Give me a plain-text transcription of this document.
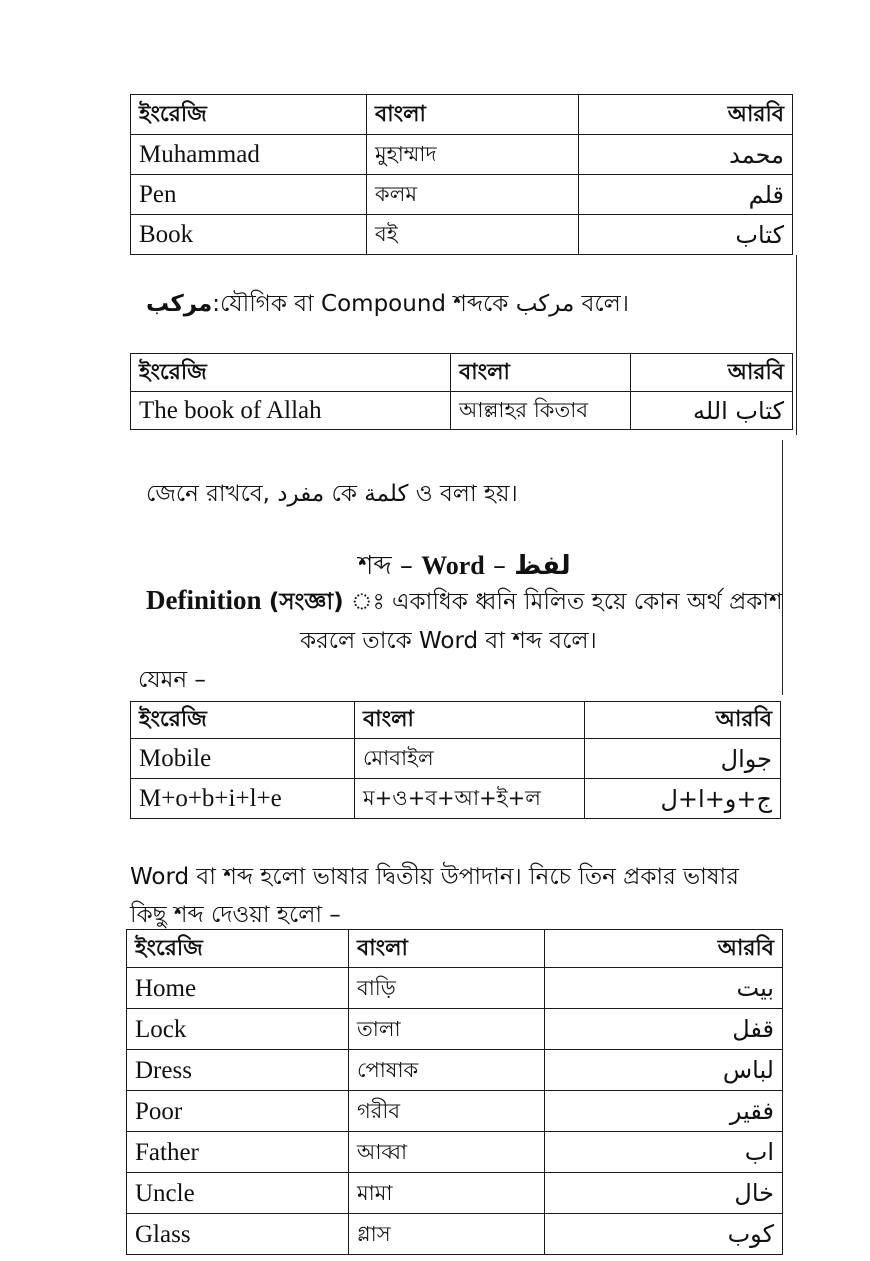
ইংরেজি	বাংলা	আরবি
Muhammad	মুহাম্মাদ	محمد
Pen	কলম	قلم
Book	বই	كتاب
مركب:যৌগিক বা Compound শব্দকে مركب বলে।
ইংরেজি	বাংলা	আরবি
The book of Allah	আল্লাহর কিতাব	كتاب الله
জেনে রাখবে, مفرد কে كلمة ও বলা হয়।
শব্দ – Word – لفظ
Definition (সংজ্ঞা) ঃ একাধিক ধ্বনি মিলিত হয়ে কোন অর্থ প্রকাশ
করলে তাকে Word বা শব্দ বলে।
যেমন –
ইংরেজি	বাংলা	আরবি
Mobile	মোবাইল	جوال
M+o+b+i+l+e	ম+ও+ব+আ+ই+ল	ج+و+ا+ل
Word বা শব্দ হলো ভাষার দ্বিতীয় উপাদান। নিচে তিন প্রকার ভাষার
কিছু শব্দ দেওয়া হলো –
ইংরেজি	বাংলা	আরবি
Home	বাড়ি	بيت
Lock	তালা	قفل
Dress	পোষাক	لباس
Poor	গরীব	فقير
Father	আব্বা	اب
Uncle	মামা	خال
Glass	গ্লাস	كوب
